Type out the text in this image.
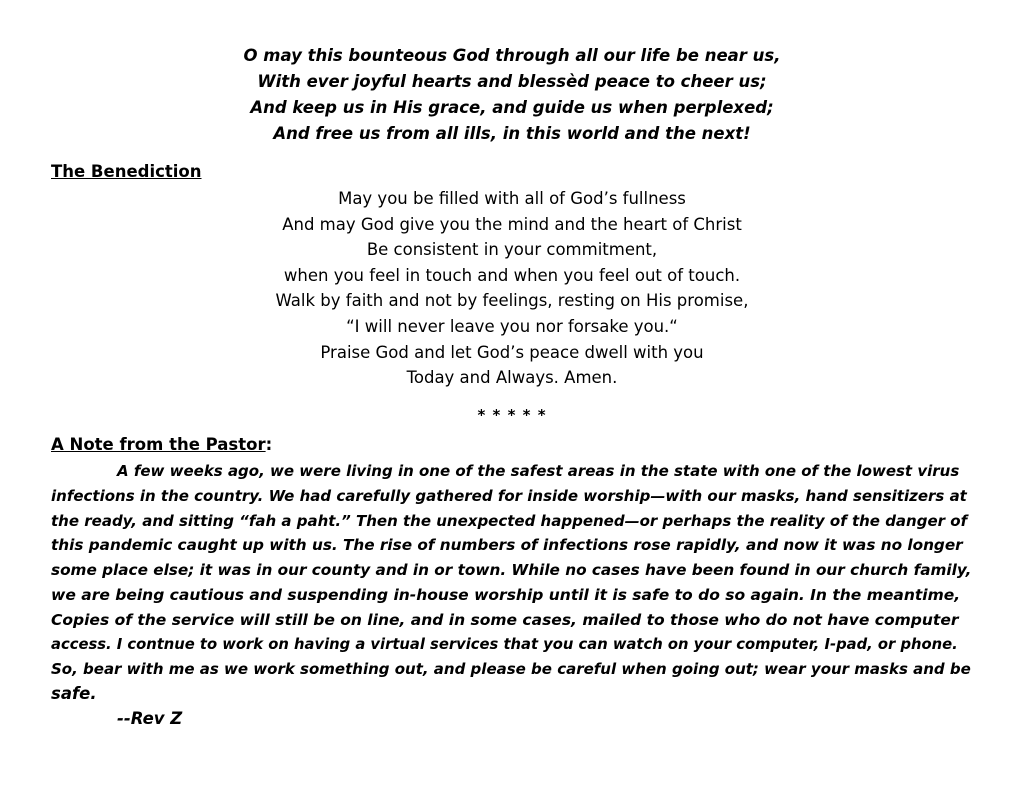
O may this bounteous God through all our life be near us,
With ever joyful hearts and blessèd peace to cheer us;
And keep us in His grace, and guide us when perplexed;
And free us from all ills, in this world and the next!
The Benediction
May you be filled with all of God’s fullness
And may God give you the mind and the heart of Christ
Be consistent in your commitment,
when you feel in touch and when you feel out of touch.
Walk by faith and not by feelings, resting on His promise,
“I will never leave you nor forsake you.“
Praise God and let God’s peace dwell with you
Today and Always. Amen.
* * * * *
A Note from the Pastor:
A few weeks ago, we were living in one of the safest areas in the state with one of the lowest virus
infections in the country. We had carefully gathered for inside worship—with our masks, hand sensitizers at
the ready, and sitting “fah a paht.” Then the unexpected happened—or perhaps the reality of the danger of
this pandemic caught up with us. The rise of numbers of infections rose rapidly, and now it was no longer
some place else; it was in our county and in or town. While no cases have been found in our church family,
we are being cautious and suspending in-house worship until it is safe to do so again. In the meantime,
Copies of the service will still be on line, and in some cases, mailed to those who do not have computer
access. I contnue to work on having a virtual services that you can watch on your computer, I-pad, or phone.
So, bear with me as we work something out, and please be careful when going out; wear your masks and be
safe.
--Rev Z
